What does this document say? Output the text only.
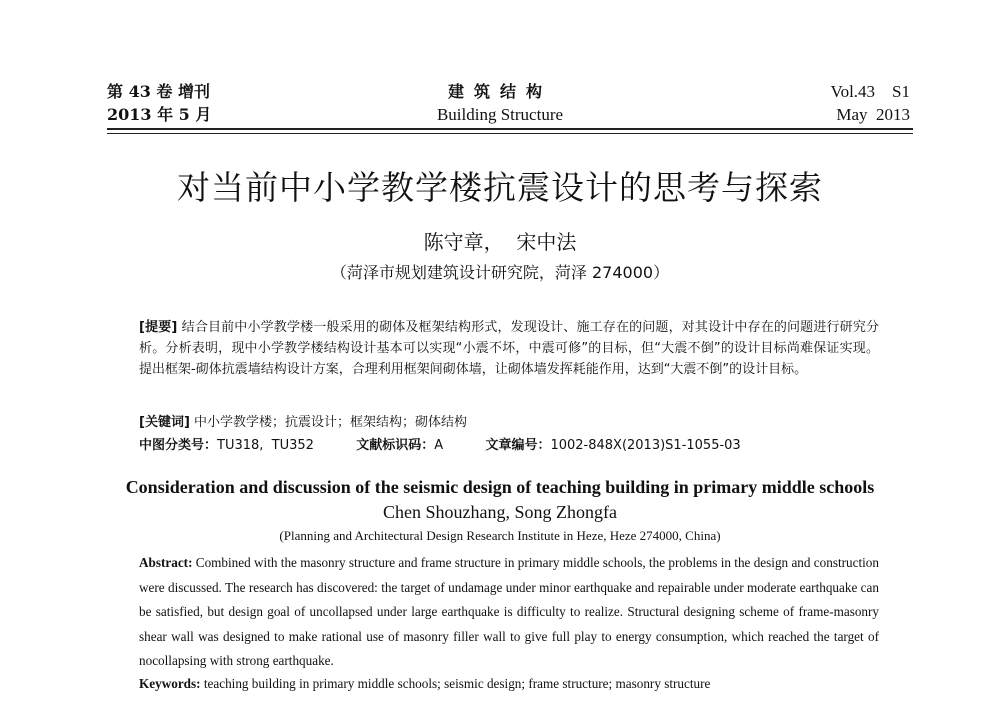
第 43 卷 增刊
2013 年 5 月
建筑结构
Building Structure
Vol.43    S1
May  2013
对当前中小学教学楼抗震设计的思考与探索
陈守章，  宋中法
（菏泽市规划建筑设计研究院，菏泽 274000）
[提要] 结合目前中小学教学楼一般采用的砌体及框架结构形式，发现设计、施工存在的问题，对其设计中存在的问题进行研究分析。分析表明，现中小学教学楼结构设计基本可以实现“小震不坏，中震可修”的目标，但“大震不倒”的设计目标尚难保证实现。提出框架-砌体抗震墙结构设计方案，合理利用框架间砌体墙，让砌体墙发挥耗能作用，达到“大震不倒”的设计目标。
[关键词] 中小学教学楼；抗震设计；框架结构；砌体结构
中图分类号：TU318,  TU352	文献标识码：A	文章编号：1002-848X(2013)S1-1055-03
Consideration and discussion of the seismic design of teaching building in primary middle schools
Chen Shouzhang, Song Zhongfa
(Planning and Architectural Design Research Institute in Heze, Heze 274000, China)
Abstract: Combined with the masonry structure and frame structure in primary middle schools, the problems in the design and construction were discussed. The research has discovered: the target of undamage under minor earthquake and repairable under moderate earthquake can be satisfied, but design goal of uncollapsed under large earthquake is difficulty to realize. Structural designing scheme of frame-masonry shear wall was designed to make rational use of masonry filler wall to give full play to energy consumption, which reached the target of nocollapsing with strong earthquake.
Keywords: teaching building in primary middle schools; seismic design; frame structure; masonry structure
